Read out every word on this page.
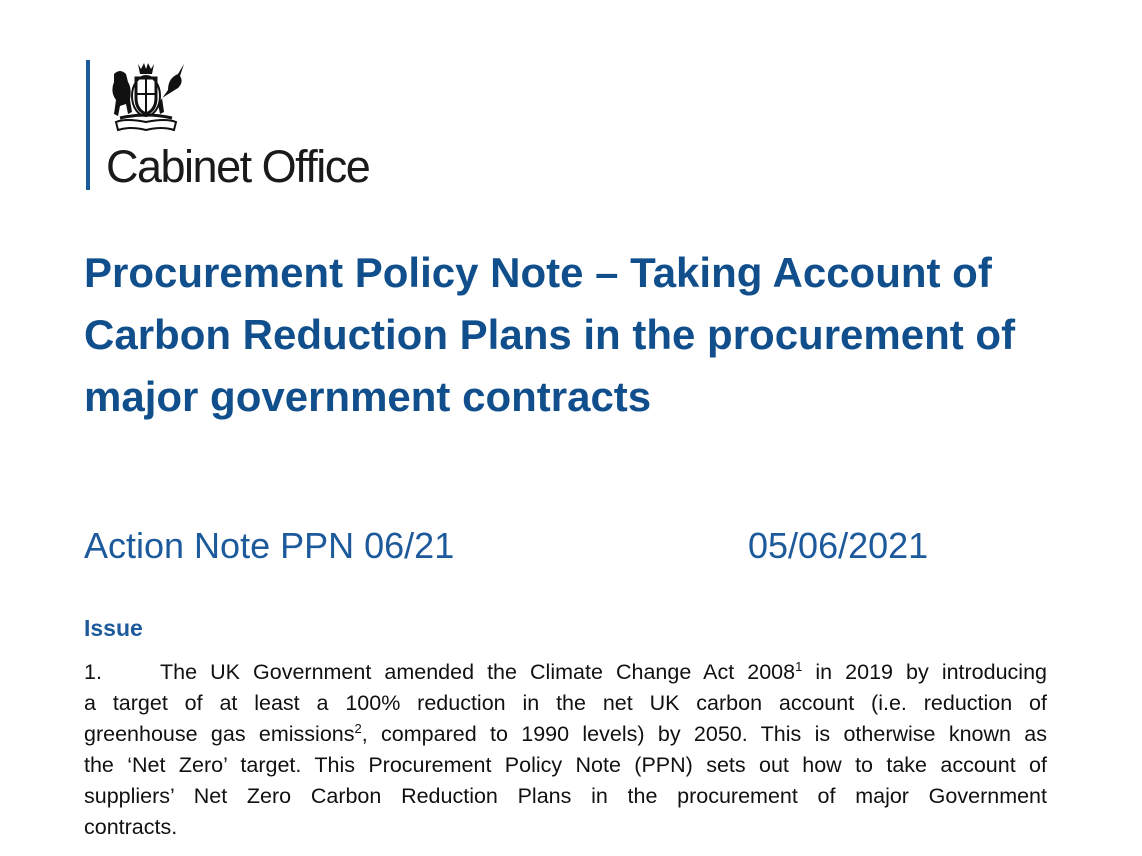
Cabinet Office
Procurement Policy Note – Taking Account of Carbon Reduction Plans in the procurement of major government contracts
Action Note PPN 06/21	05/06/2021
Issue
1.	The UK Government amended the Climate Change Act 2008$^1$ in 2019 by introducing
a target of at least a 100% reduction in the net UK carbon account (i.e. reduction of
greenhouse gas emissions$^2$, compared to 1990 levels) by 2050. This is otherwise known as
the ‘Net Zero’ target. This Procurement Policy Note (PPN) sets out how to take account of
suppliers’ Net Zero Carbon Reduction Plans in the procurement of major Government
contracts.
